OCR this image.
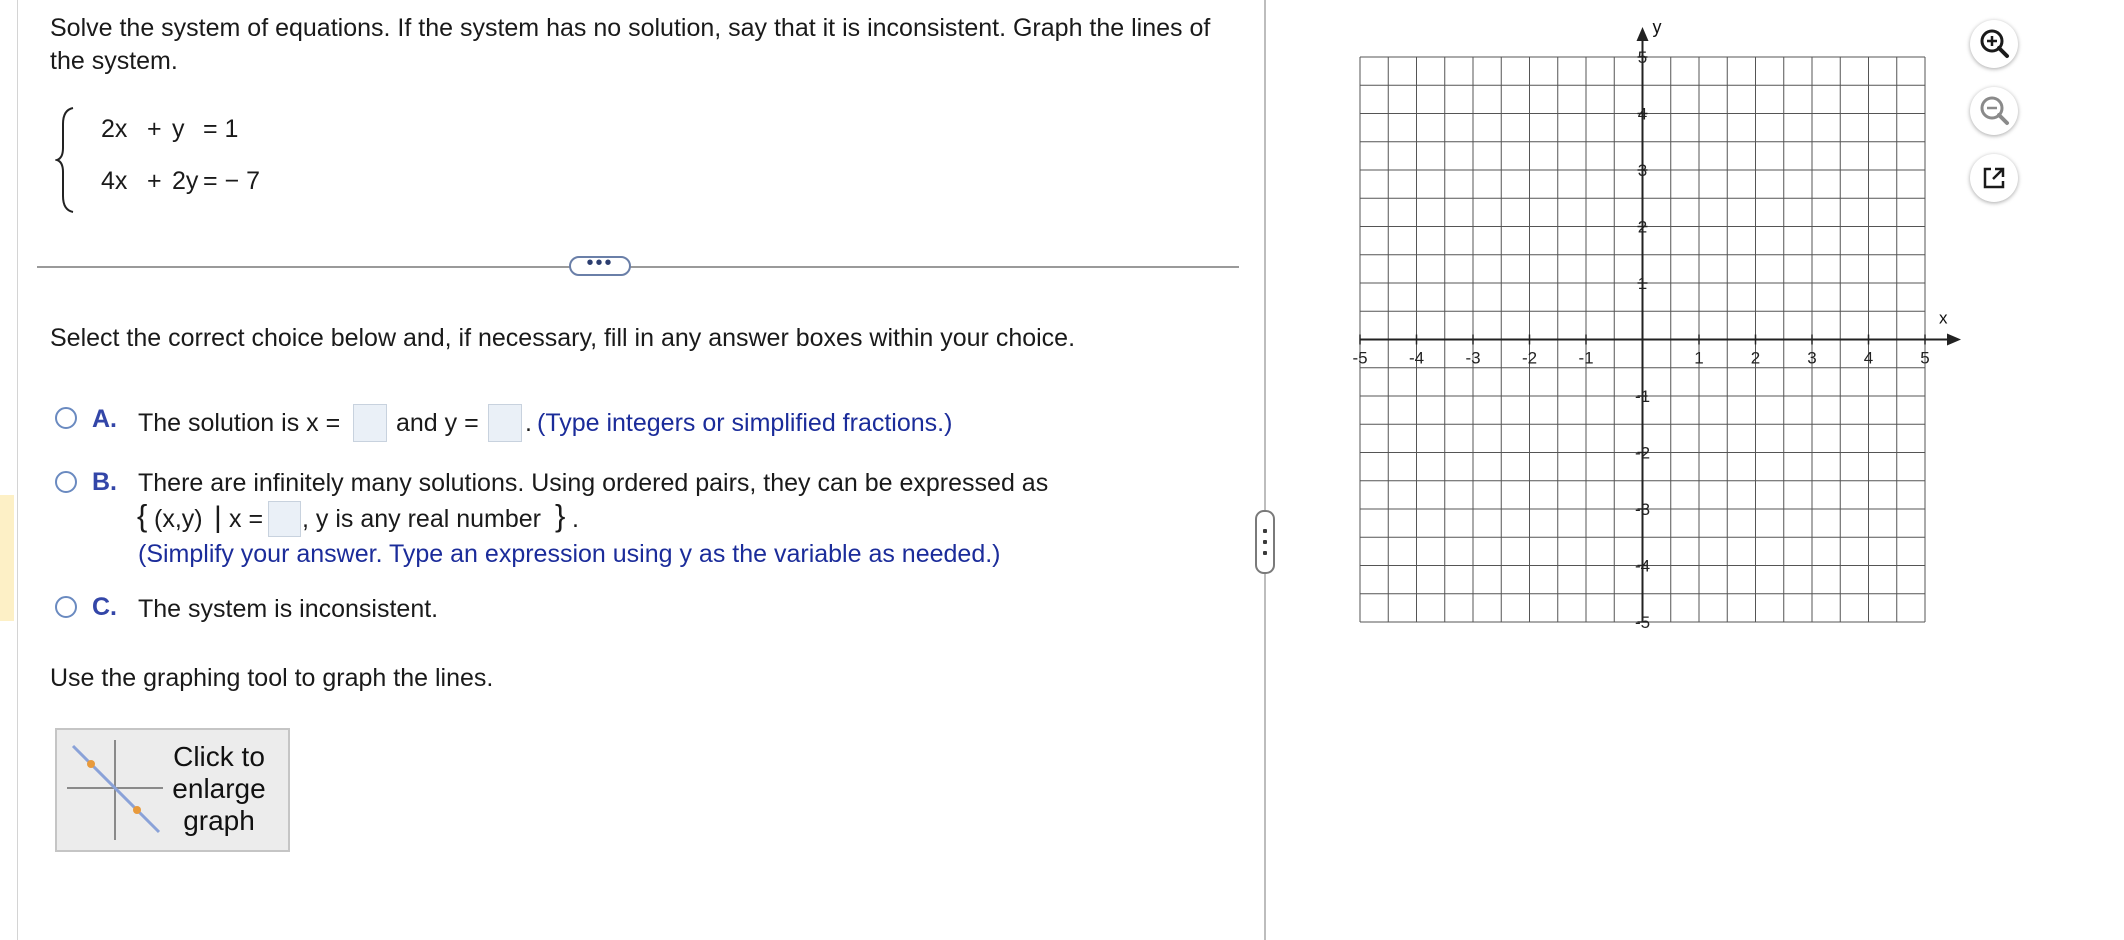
Solve the system of equations. If the system has no solution, say that it is inconsistent. Graph the lines of the system.
2x + y = 1
4x + 2y = − 7
•••
Select the correct choice below and, if necessary, fill in any answer boxes within your choice.
A. The solution is x = and y = . (Type integers or simplified fractions.)
B. There are infinitely many solutions. Using ordered pairs, they can be expressed as
{ (x,y) | x = , y is any real number } .
(Simplify your answer. Type an expression using y as the variable as needed.)
C. The system is inconsistent.
Use the graphing tool to graph the lines.
Click to
enlarge
graph
x
y
-5 -4 -3 -2 -1	1	2	3	4	5
5
4
3
2
1
-1
-2
-3
-4
-5
